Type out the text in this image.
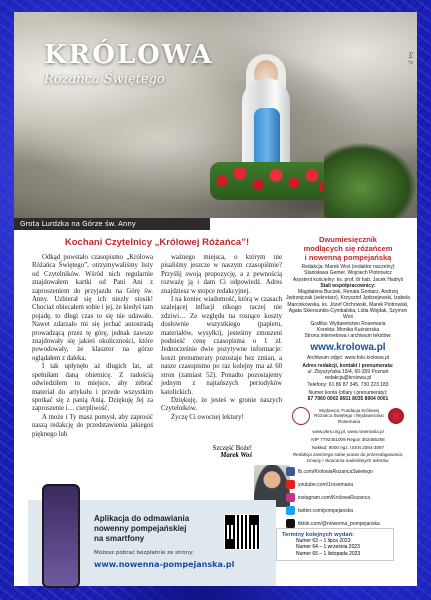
KRÓLOWA
Różańca Świętego
Fot. JT
Grota Lurdzka na Górze św. Anny
Kochani Czytelnicy „Królowej Różańca”!

Odkąd powstało czasopismo „Królowa Różańca Świętego”, otrzymywaliśmy listy od Czytelników. Wśród nich regularnie znajdowałem kartki od Pani Ani z zaproszeniem do przyjazdu na Górę św. Anny. Uzbierał się ich niezły stosik! Chociaż obiecałem sobie i jej, że kiedyś tam pojadę, to długi czas to się nie udawało. Nawet zdarzało mi się jechać autostradą prowadzącą przez tę górę, jednak zawsze znajdowały się jakieś okoliczności, które powodowały, że klasztor na górze oglądałem z daleka.

I tak upłynęło aż długich lat, aż spełniłam daną obietnicę. Z radością odwiedziłem to miejsce, aby zebrać materiał do artykułu i przede wszystkim spotkać się z panią Anią. Dziękuję Jej za zaproszenie i… cierpliwość.

A może i Ty masz pomysł, aby zaprosić naszą redakcję do przedstawienia jakiegoś pięknego lub

ważnego miejsca, o którym nie pisaliśmy jeszcze w naszym czasopiśmie? Przyślij swoją propozycję, a z pewnością rozważę ją i dam Ci odpowiedź. Adres znajdziesz w stopce redakcyjnej.

I na koniec wiadomość, którą w czasach szalejącej inflacji nikogo raczej nie zdziwi… Ze względu na rosnące koszty dosłownie wszystkiego (papieru, materiałów, wysyłki), jesteśmy zmuszeni podnieść cenę czasopisma o 1 zł. Jednocześnie dwie pozytywne informacje: koszt prenumeraty pozostaje bez zmian, a nasze czasopismo po raz kolejny ma aż 60 stron (zamiast 52). Ponadto pozostajemy jednym z najtańszych periodyków katolickich.

Dziękuję, że jesteś w gronie naszych Czytelników.

Życzę Ci owocnej lektury!

Szczęść Boże!
Marek Woś
Dwumiesięcznik
modlących się różańcem
i nowenną pompejańską
Redakcja: Marek Woś (redaktor naczelny)
Stanisława Gemer, Wojciech Piotrowicz
Asystent kościelny: ks. prof. dr hab. Jacek Hadryś
Stali współpracownicy:
Magdalena Buczek, Renata Gontarz, Andrzej Jędrzejczak (sekretarz), Krzysztof Jędrzejewski, Izabela Marcinkowska, ks. Józef Orchowski, Marek Piotrowski, Agata Skiersunkis-Cymbalska, Lidia Wojdak, Szymon Woś
Grafika: Wydawnictwo Rosemaria
Korekta: Monika Kuśnierska
Strona internetowa i archiwum tekstów:
www.krolowa.pl
Archiwum zdjęć: www.foto.krolowa.pl
Adres redakcji, kontakt i prenumerata:
ul. Zbyszyńska 19/4, 60-359 Poznań
redakcja@krolowa.pl
Telefony: 61 86 87 345, 730 223 183
Numer konta (ofiary i prenumeraty):
87 7060 0002 0651 8035 8904 0001
Wydawca: Fundacja Królowej Różańca Świętego i Wydawnictwo Rosemaria
www.pkrs.org.pl, www.rosemaria.pl
NIP 7792451009 Regon 302485268
Nakład: 8000 egz. ISSN 2084-3097
Redakcja zastrzega sobie prawo do przeredagowania, zmiany i skracania nadesłanych tekstów.
fb.com/KrolowaRozancaSwietego
youtube.com/1rosemaria
instagram.com/KrolowaRozanca
twitter.com/pompejanska
tiktok.com/@nowenna_pompejanska
Aplikacja do odmawiania
nowenny pompejańskiej
na smartfony
Możesz pobrać bezpłatnie ze strony:
www.nowenna-pompejanska.pl
Terminy kolejnych wydań:
Numer 63 – 1 lipca 2023
Numer 64 – 1 września 2023
Numer 65 – 1 listopada 2023
